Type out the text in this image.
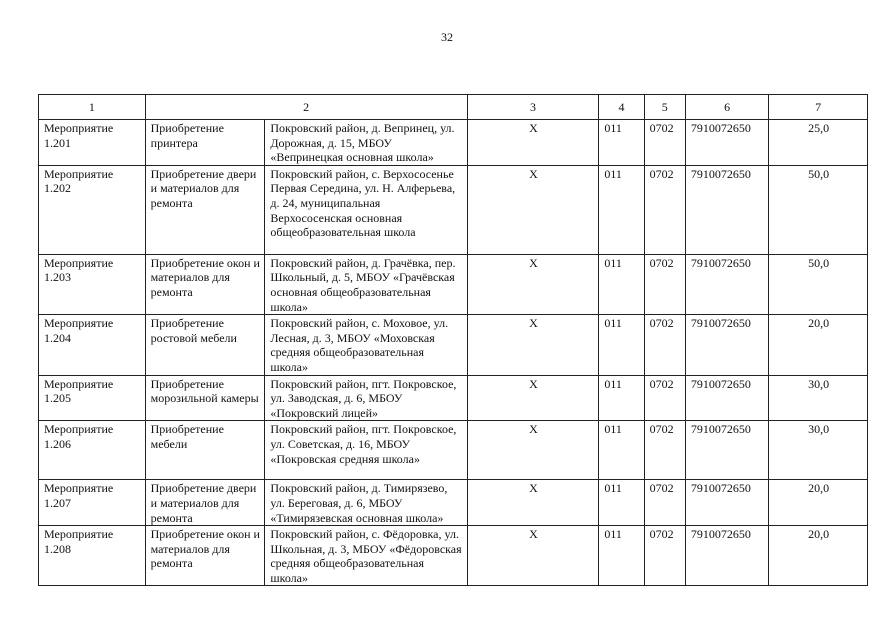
32
1	2		3	4	5	6	7
Мероприятие 1.201	Приобретение принтера	Покровский район, д. Вепринец, ул. Дорожная, д. 15, МБОУ «Вепринецкая основная школа»	X	011	0702	7910072650	25,0
Мероприятие 1.202	Приобретение двери и материалов для ремонта	Покровский район, с. Верхососенье Первая Середина, ул. Н. Алферьева, д. 24, муниципальная Верхососенская основная общеобразовательная школа	X	011	0702	7910072650	50,0
Мероприятие 1.203	Приобретение окон и материалов для ремонта	Покровский район, д. Грачёвка, пер. Школьный, д. 5, МБОУ «Грачёвская основная общеобразовательная школа»	X	011	0702	7910072650	50,0
Мероприятие 1.204	Приобретение ростовой мебели	Покровский район, с. Моховое, ул. Лесная, д. 3, МБОУ «Моховская средняя общеобразовательная школа»	X	011	0702	7910072650	20,0
Мероприятие 1.205	Приобретение морозильной камеры	Покровский район, пгт. Покровское, ул. Заводская, д. 6, МБОУ «Покровский лицей»	X	011	0702	7910072650	30,0
Мероприятие 1.206	Приобретение мебели	Покровский район, пгт. Покровское, ул. Советская, д. 16, МБОУ «Покровская средняя школа»	X	011	0702	7910072650	30,0
Мероприятие 1.207	Приобретение двери и материалов для ремонта	Покровский район, д. Тимирязево, ул. Береговая, д. 6, МБОУ «Тимирязевская основная школа»	X	011	0702	7910072650	20,0
Мероприятие 1.208	Приобретение окон и материалов для ремонта	Покровский район, с. Фёдоровка, ул. Школьная, д. 3, МБОУ «Фёдоровская средняя общеобразовательная школа»	X	011	0702	7910072650	20,0
